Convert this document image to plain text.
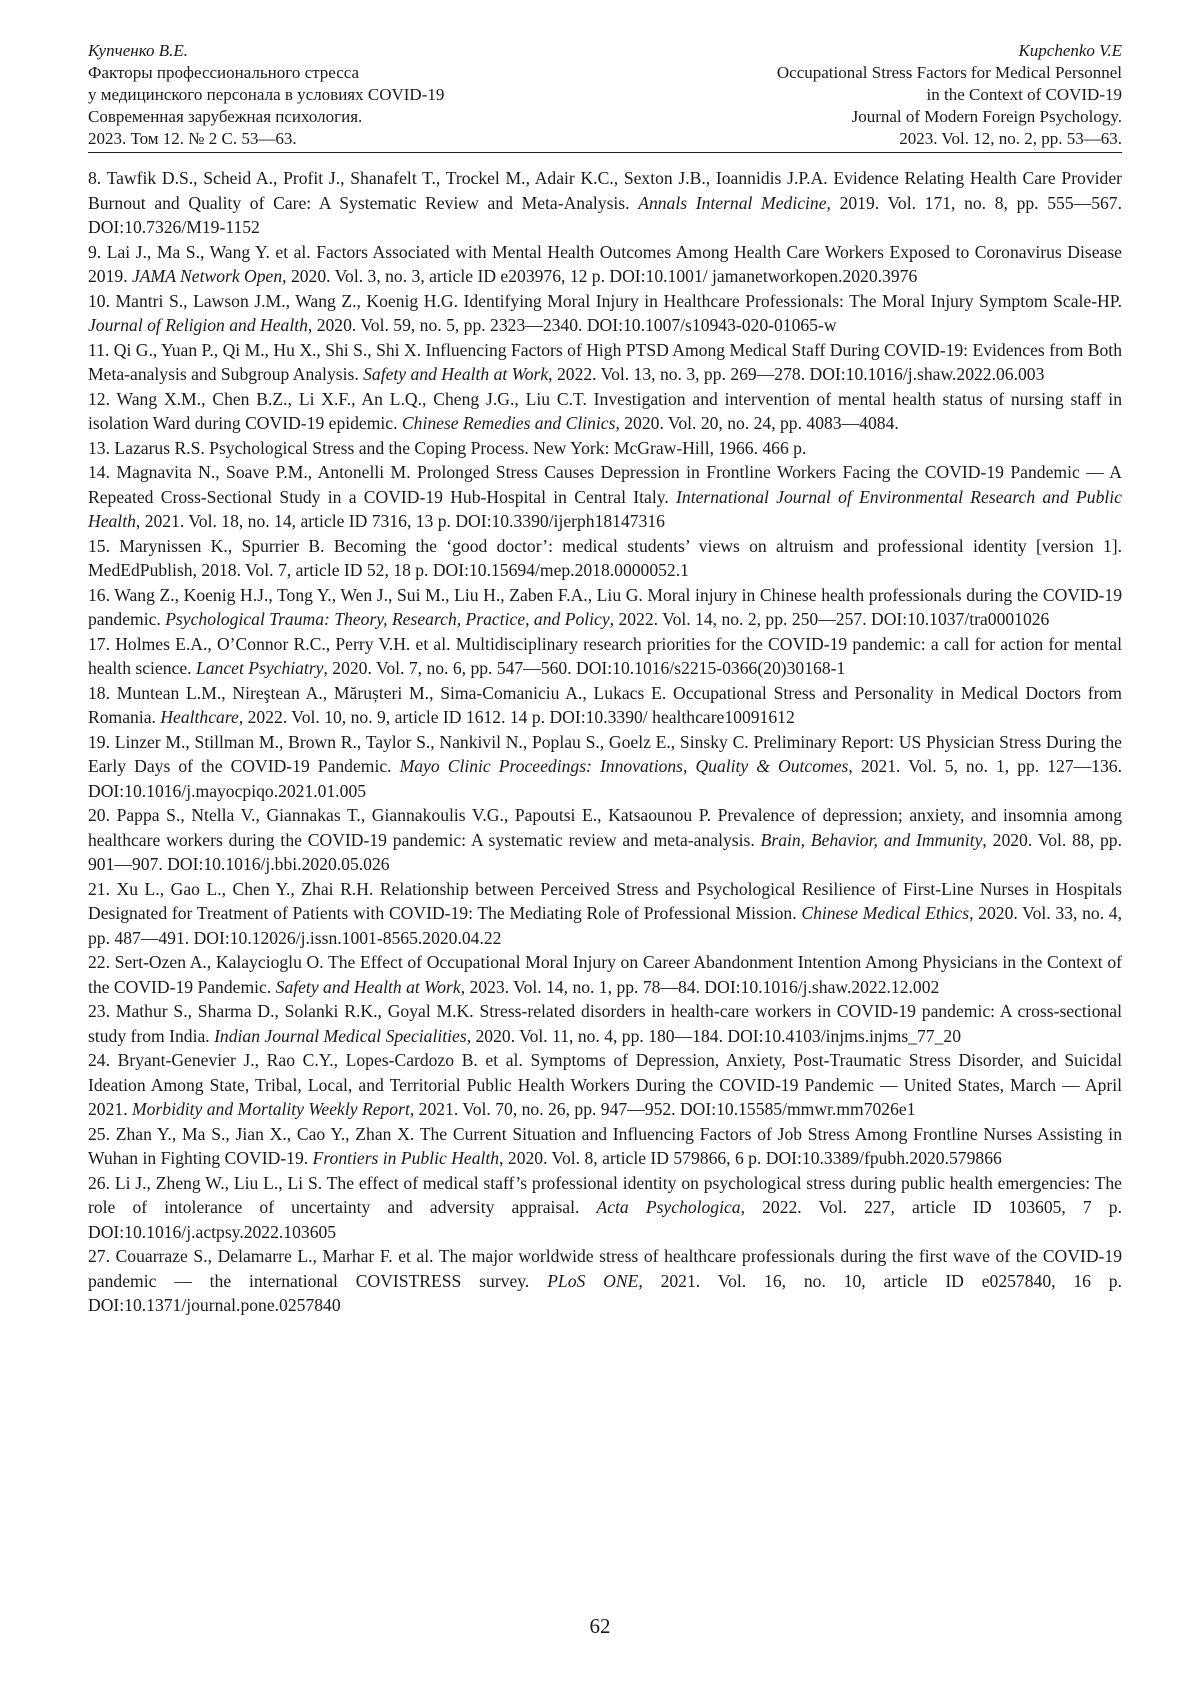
Купченко В.Е.
Факторы профессионального стресса
у медицинского персонала в условиях COVID-19
Современная зарубежная психология.
2023. Том 12. № 2 С. 53—63.
Kupchenko V.E
Occupational Stress Factors for Medical Personnel
in the Context of COVID-19
Journal of Modern Foreign Psychology.
2023. Vol. 12, no. 2, pp. 53—63.

8. Tawfik D.S., Scheid A., Profit J., Shanafelt T., Trockel M., Adair K.C., Sexton J.B., Ioannidis J.P.A. Evidence Relating Health Care Provider Burnout and Quality of Care: A Systematic Review and Meta-Analysis. Annals Internal Medicine, 2019. Vol. 171, no. 8, pp. 555—567. DOI:10.7326/M19-1152

9. Lai J., Ma S., Wang Y. et al. Factors Associated with Mental Health Outcomes Among Health Care Workers Exposed to Coronavirus Disease 2019. JAMA Network Open, 2020. Vol. 3, no. 3, article ID e203976, 12 p. DOI:10.1001/ jamanetworkopen.2020.3976

10. Mantri S., Lawson J.M., Wang Z., Koenig H.G. Identifying Moral Injury in Healthcare Professionals: The Moral Injury Symptom Scale-HP. Journal of Religion and Health, 2020. Vol. 59, no. 5, pp. 2323—2340. DOI:10.1007/s10943-020-01065-w

11. Qi G., Yuan P., Qi M., Hu X., Shi S., Shi X. Influencing Factors of High PTSD Among Medical Staff During COVID-19: Evidences from Both Meta-analysis and Subgroup Analysis. Safety and Health at Work, 2022. Vol. 13, no. 3, pp. 269—278. DOI:10.1016/j.shaw.2022.06.003

12. Wang X.M., Chen B.Z., Li X.F., An L.Q., Cheng J.G., Liu C.T. Investigation and intervention of mental health status of nursing staff in isolation Ward during COVID-19 epidemic. Chinese Remedies and Clinics, 2020. Vol. 20, no. 24, pp. 4083—4084.

13. Lazarus R.S. Psychological Stress and the Coping Process. New York: McGraw-Hill, 1966. 466 p.

14. Magnavita N., Soave P.M., Antonelli M. Prolonged Stress Causes Depression in Frontline Workers Facing the COVID-19 Pandemic — A Repeated Cross-Sectional Study in a COVID-19 Hub-Hospital in Central Italy. International Journal of Environmental Research and Public Health, 2021. Vol. 18, no. 14, article ID 7316, 13 p. DOI:10.3390/ijerph18147316

15. Marynissen K., Spurrier B. Becoming the ‘good doctor’: medical students’ views on altruism and professional identity [version 1]. MedEdPublish, 2018. Vol. 7, article ID 52, 18 p. DOI:10.15694/mep.2018.0000052.1

16. Wang Z., Koenig H.J., Tong Y., Wen J., Sui M., Liu H., Zaben F.A., Liu G. Moral injury in Chinese health professionals during the COVID-19 pandemic. Psychological Trauma: Theory, Research, Practice, and Policy, 2022. Vol. 14, no. 2, pp. 250—257. DOI:10.1037/tra0001026

17. Holmes E.A., O’Connor R.C., Perry V.H. et al. Multidisciplinary research priorities for the COVID-19 pandemic: a call for action for mental health science. Lancet Psychiatry, 2020. Vol. 7, no. 6, pp. 547—560. DOI:10.1016/s2215-0366(20)30168-1

18. Muntean L.M., Nireştean A., Mărușteri M., Sima-Comaniciu A., Lukacs E. Occupational Stress and Personality in Medical Doctors from Romania. Healthcare, 2022. Vol. 10, no. 9, article ID 1612. 14 p. DOI:10.3390/ healthcare10091612

19. Linzer M., Stillman M., Brown R., Taylor S., Nankivil N., Poplau S., Goelz E., Sinsky C. Preliminary Report: US Physician Stress During the Early Days of the COVID-19 Pandemic. Mayo Clinic Proceedings: Innovations, Quality & Outcomes, 2021. Vol. 5, no. 1, pp. 127—136. DOI:10.1016/j.mayocpiqo.2021.01.005

20. Pappa S., Ntella V., Giannakas T., Giannakoulis V.G., Papoutsi E., Katsaounou P. Prevalence of depression; anxiety, and insomnia among healthcare workers during the COVID-19 pandemic: A systematic review and meta-analysis. Brain, Behavior, and Immunity, 2020. Vol. 88, pp. 901—907. DOI:10.1016/j.bbi.2020.05.026

21. Xu L., Gao L., Chen Y., Zhai R.H. Relationship between Perceived Stress and Psychological Resilience of First-Line Nurses in Hospitals Designated for Treatment of Patients with COVID-19: The Mediating Role of Professional Mission. Chinese Medical Ethics, 2020. Vol. 33, no. 4, pp. 487—491. DOI:10.12026/j.issn.1001-8565.2020.04.22

22. Sert-Ozen A., Kalaycioglu O. The Effect of Occupational Moral Injury on Career Abandonment Intention Among Physicians in the Context of the COVID-19 Pandemic. Safety and Health at Work, 2023. Vol. 14, no. 1, pp. 78—84. DOI:10.1016/j.shaw.2022.12.002

23. Mathur S., Sharma D., Solanki R.K., Goyal M.K. Stress-related disorders in health-care workers in COVID-19 pandemic: A cross-sectional study from India. Indian Journal Medical Specialities, 2020. Vol. 11, no. 4, pp. 180—184. DOI:10.4103/injms.injms_77_20

24. Bryant-Genevier J., Rao C.Y., Lopes-Cardozo B. et al. Symptoms of Depression, Anxiety, Post-Traumatic Stress Disorder, and Suicidal Ideation Among State, Tribal, Local, and Territorial Public Health Workers During the COVID-19 Pandemic — United States, March — April 2021. Morbidity and Mortality Weekly Report, 2021. Vol. 70, no. 26, pp. 947—952. DOI:10.15585/mmwr.mm7026e1

25. Zhan Y., Ma S., Jian X., Cao Y., Zhan X. The Current Situation and Influencing Factors of Job Stress Among Frontline Nurses Assisting in Wuhan in Fighting COVID-19. Frontiers in Public Health, 2020. Vol. 8, article ID 579866, 6 p. DOI:10.3389/fpubh.2020.579866

26. Li J., Zheng W., Liu L., Li S. The effect of medical staff’s professional identity on psychological stress during public health emergencies: The role of intolerance of uncertainty and adversity appraisal. Acta Psychologica, 2022. Vol. 227, article ID 103605, 7 p. DOI:10.1016/j.actpsy.2022.103605

27. Couarraze S., Delamarre L., Marhar F. et al. The major worldwide stress of healthcare professionals during the first wave of the COVID-19 pandemic — the international COVISTRESS survey. PLoS ONE, 2021. Vol. 16, no. 10, article ID e0257840, 16 p. DOI:10.1371/journal.pone.0257840

62
